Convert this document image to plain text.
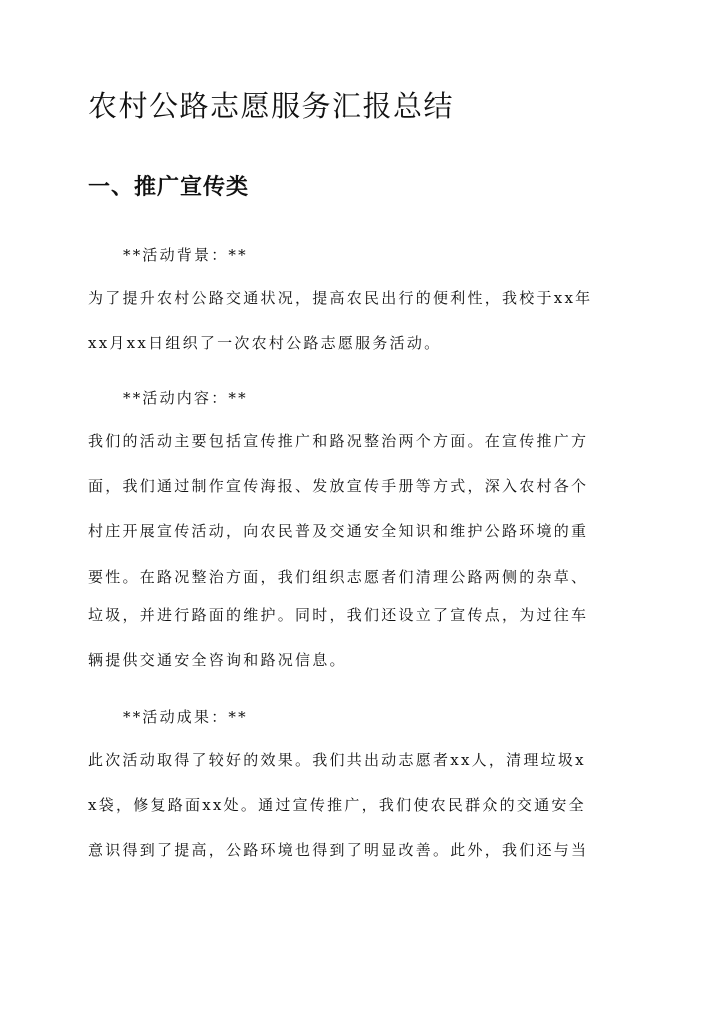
农村公路志愿服务汇报总结
一、推广宣传类
**活动背景：**
为了提升农村公路交通状况，提高农民出行的便利性，我校于xx年
xx月xx日组织了一次农村公路志愿服务活动。
**活动内容：**
我们的活动主要包括宣传推广和路况整治两个方面。在宣传推广方
面，我们通过制作宣传海报、发放宣传手册等方式，深入农村各个
村庄开展宣传活动，向农民普及交通安全知识和维护公路环境的重
要性。在路况整治方面，我们组织志愿者们清理公路两侧的杂草、
垃圾，并进行路面的维护。同时，我们还设立了宣传点，为过往车
辆提供交通安全咨询和路况信息。
**活动成果：**
此次活动取得了较好的效果。我们共出动志愿者xx人，清理垃圾x
x袋，修复路面xx处。通过宣传推广，我们使农民群众的交通安全
意识得到了提高，公路环境也得到了明显改善。此外，我们还与当
